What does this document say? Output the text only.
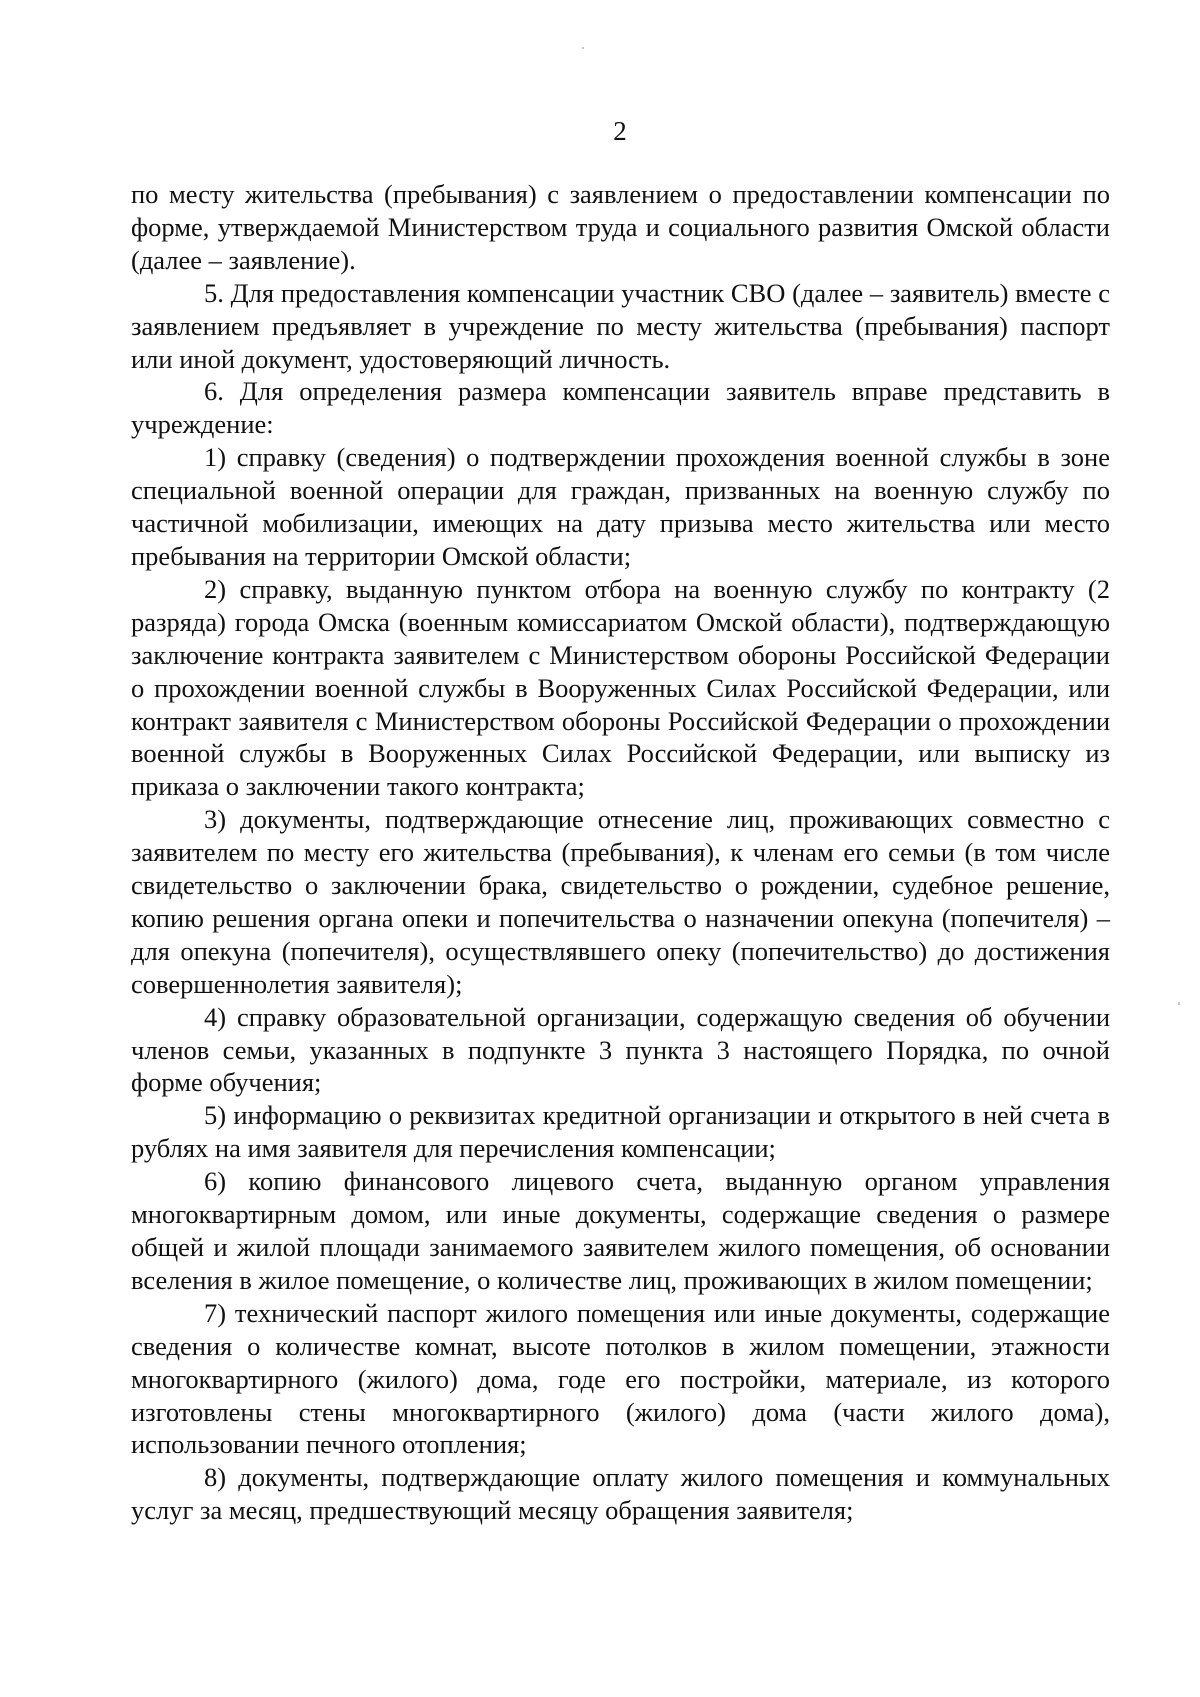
2

по месту жительства (пребывания) с заявлением о предоставлении компенсации по форме, утверждаемой Министерством труда и социального развития Омской области (далее – заявление).

5. Для предоставления компенсации участник СВО (далее – заявитель) вместе с заявлением предъявляет в учреждение по месту жительства (пребывания) паспорт или иной документ, удостоверяющий личность.

6. Для определения размера компенсации заявитель вправе представить в учреждение:

1) справку (сведения) о подтверждении прохождения военной службы в зоне специальной военной операции для граждан, призванных на военную службу по частичной мобилизации, имеющих на дату призыва место жительства или место пребывания на территории Омской области;

2) справку, выданную пунктом отбора на военную службу по контракту (2 разряда) города Омска (военным комиссариатом Омской области), подтверждающую заключение контракта заявителем с Министерством обороны Российской Федерации о прохождении военной службы в Вооруженных Силах Российской Федерации, или контракт заявителя с Министерством обороны Российской Федерации о прохождении военной службы в Вооруженных Силах Российской Федерации, или выписку из приказа о заключении такого контракта;

3) документы, подтверждающие отнесение лиц, проживающих совместно с заявителем по месту его жительства (пребывания), к членам его семьи (в том числе свидетельство о заключении брака, свидетельство о рождении, судебное решение, копию решения органа опеки и попечительства о назначении опекуна (попечителя) – для опекуна (попечителя), осуществлявшего опеку (попечительство) до достижения совершеннолетия заявителя);

4) справку образовательной организации, содержащую сведения об обучении членов семьи, указанных в подпункте 3 пункта 3 настоящего Порядка, по очной форме обучения;

5) информацию о реквизитах кредитной организации и открытого в ней счета в рублях на имя заявителя для перечисления компенсации;

6) копию финансового лицевого счета, выданную органом управления многоквартирным домом, или иные документы, содержащие сведения о размере общей и жилой площади занимаемого заявителем жилого помещения, об основании вселения в жилое помещение, о количестве лиц, проживающих в жилом помещении;

7) технический паспорт жилого помещения или иные документы, содержащие сведения о количестве комнат, высоте потолков в жилом помещении, этажности многоквартирного (жилого) дома, годе его постройки, материале, из которого изготовлены стены многоквартирного (жилого) дома (части жилого дома), использовании печного отопления;

8) документы, подтверждающие оплату жилого помещения и коммунальных услуг за месяц, предшествующий месяцу обращения заявителя;
